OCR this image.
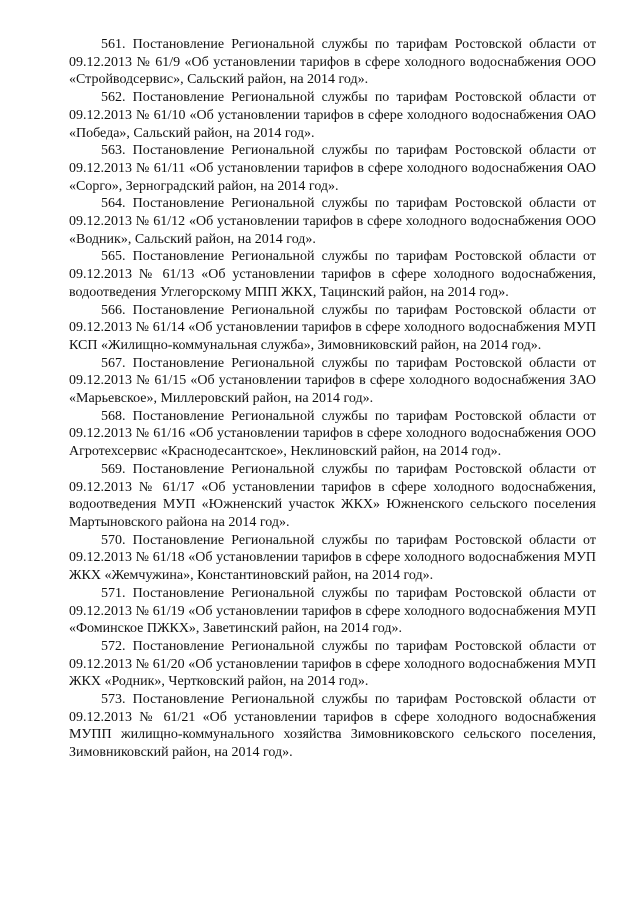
561. Постановление Региональной службы по тарифам Ростовской области от 09.12.2013 № 61/9 «Об установлении тарифов в сфере холодного водоснабжения ООО «Стройводсервис», Сальский район, на 2014 год».

562. Постановление Региональной службы по тарифам Ростовской области от 09.12.2013 № 61/10 «Об установлении тарифов в сфере холодного водоснабжения ОАО «Победа», Сальский район, на 2014 год».

563. Постановление Региональной службы по тарифам Ростовской области от 09.12.2013 № 61/11 «Об установлении тарифов в сфере холодного водоснабжения ОАО «Сорго», Зерноградский район, на 2014 год».

564. Постановление Региональной службы по тарифам Ростовской области от 09.12.2013 № 61/12 «Об установлении тарифов в сфере холодного водоснабжения ООО «Водник», Сальский район, на 2014 год».

565. Постановление Региональной службы по тарифам Ростовской области от 09.12.2013 № 61/13 «Об установлении тарифов в сфере холодного водоснабжения, водоотведения Углегорскому МПП ЖКХ, Тацинский район, на 2014 год».

566. Постановление Региональной службы по тарифам Ростовской области от 09.12.2013 № 61/14 «Об установлении тарифов в сфере холодного водоснабжения МУП КСП «Жилищно-коммунальная служба», Зимовниковский район, на 2014 год».

567. Постановление Региональной службы по тарифам Ростовской области от 09.12.2013 № 61/15 «Об установлении тарифов в сфере холодного водоснабжения ЗАО «Марьевское», Миллеровский район, на 2014 год».

568. Постановление Региональной службы по тарифам Ростовской области от 09.12.2013 № 61/16 «Об установлении тарифов в сфере холодного водоснабжения ООО Агротехсервис «Краснодесантское», Неклиновский район, на 2014 год».

569. Постановление Региональной службы по тарифам Ростовской области от 09.12.2013 № 61/17 «Об установлении тарифов в сфере холодного водоснабжения, водоотведения МУП «Южненский участок ЖКХ» Южненского сельского поселения Мартыновского района на 2014 год».

570. Постановление Региональной службы по тарифам Ростовской области от 09.12.2013 № 61/18 «Об установлении тарифов в сфере холодного водоснабжения МУП ЖКХ «Жемчужина», Константиновский район, на 2014 год».

571. Постановление Региональной службы по тарифам Ростовской области от 09.12.2013 № 61/19 «Об установлении тарифов в сфере холодного водоснабжения МУП «Фоминское ПЖКХ», Заветинский район, на 2014 год».

572. Постановление Региональной службы по тарифам Ростовской области от 09.12.2013 № 61/20 «Об установлении тарифов в сфере холодного водоснабжения МУП ЖКХ «Родник», Чертковский район, на 2014 год».

573. Постановление Региональной службы по тарифам Ростовской области от 09.12.2013 № 61/21 «Об установлении тарифов в сфере холодного водоснабжения МУПП жилищно-коммунального хозяйства Зимовниковского сельского поселения, Зимовниковский район, на 2014 год».
